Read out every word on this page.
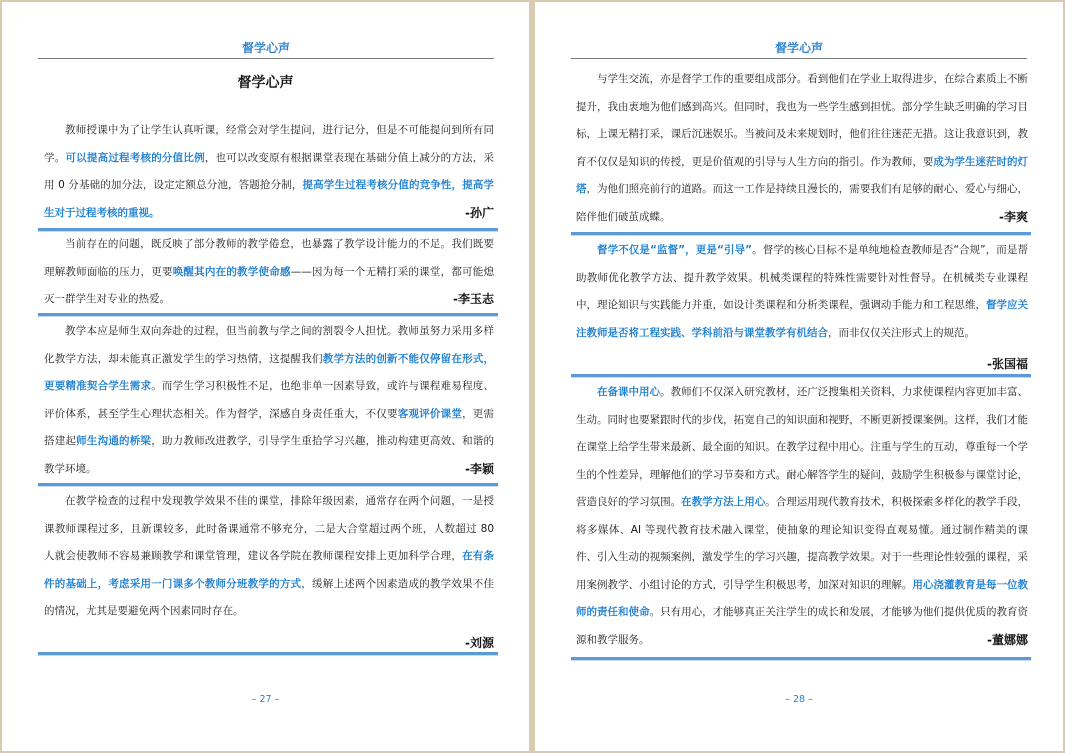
督学心声
督学心声

教师授课中为了让学生认真听课，经常会对学生提问，进行记分，但是不可能提问到所有同学。可以提高过程考核的分值比例，也可以改变原有根据课堂表现在基础分值上减分的方法，采用 0 分基础的加分法，设定定额总分池，答题抢分制，提高学生过程考核分值的竞争性，提高学生对于过程考核的重视。	-孙广

当前存在的问题，既反映了部分教师的教学倦怠，也暴露了教学设计能力的不足。我们既要理解教师面临的压力，更要唤醒其内在的教学使命感——因为每一个无精打采的课堂，都可能熄灭一群学生对专业的热爱。	-李玉志

教学本应是师生双向奔赴的过程，但当前教与学之间的割裂令人担忧。教师虽努力采用多样化教学方法，却未能真正激发学生的学习热情，这提醒我们教学方法的创新不能仅停留在形式，更要精准契合学生需求。而学生学习积极性不足，也绝非单一因素导致，或许与课程难易程度、评价体系，甚至学生心理状态相关。作为督学，深感自身责任重大，不仅要客观评价课堂，更需搭建起师生沟通的桥梁，助力教师改进教学，引导学生重拾学习兴趣，推动构建更高效、和谐的教学环境。	-李颖

在教学检查的过程中发现教学效果不佳的课堂，排除年级因素，通常存在两个问题，一是授课教师课程过多，且新课较多，此时备课通常不够充分，二是大合堂超过两个班，人数超过 80 人就会使教师不容易兼顾教学和课堂管理，建议各学院在教师课程安排上更加科学合理，在有条件的基础上，考虑采用一门课多个教师分班教学的方式，缓解上述两个因素造成的教学效果不佳的情况，尤其是要避免两个因素同时存在。

-刘源
– 27 –
督学心声

与学生交流，亦是督学工作的重要组成部分。看到他们在学业上取得进步，在综合素质上不断提升，我由衷地为他们感到高兴。但同时，我也为一些学生感到担忧。部分学生缺乏明确的学习目标，上课无精打采，课后沉迷娱乐。当被问及未来规划时，他们往往迷茫无措。这让我意识到，教育不仅仅是知识的传授，更是价值观的引导与人生方向的指引。作为教师，要成为学生迷茫时的灯塔，为他们照亮前行的道路。而这一工作是持续且漫长的，需要我们有足够的耐心、爱心与细心，陪伴他们破茧成蝶。	-李爽

督学不仅是“监督”，更是“引导”。督学的核心目标不是单纯地检查教师是否“合规”，而是帮助教师优化教学方法、提升教学效果。机械类课程的特殊性需要针对性督导。在机械类专业课程中，理论知识与实践能力并重，如设计类课程和分析类课程，强调动手能力和工程思维，督学应关注教师是否将工程实践、学科前沿与课堂教学有机结合，而非仅仅关注形式上的规范。

-张国福

在备课中用心。教师们不仅深入研究教材，还广泛搜集相关资料，力求使课程内容更加丰富、生动。同时也要紧跟时代的步伐，拓宽自己的知识面和视野，不断更新授课案例。这样，我们才能在课堂上给学生带来最新、最全面的知识。在教学过程中用心。注重与学生的互动，尊重每一个学生的个性差异，理解他们的学习节奏和方式。耐心解答学生的疑问，鼓励学生积极参与课堂讨论，营造良好的学习氛围。在教学方法上用心。合理运用现代教育技术，积极探索多样化的教学手段，将多媒体、AI 等现代教育技术融入课堂，使抽象的理论知识变得直观易懂。通过制作精美的课件、引入生动的视频案例，激发学生的学习兴趣，提高教学效果。对于一些理论性较强的课程，采用案例教学、小组讨论的方式，引导学生积极思考，加深对知识的理解。用心浇灌教育是每一位教师的责任和使命。只有用心，才能够真正关注学生的成长和发展，才能够为他们提供优质的教育资源和教学服务。	-董娜娜
– 28 –
